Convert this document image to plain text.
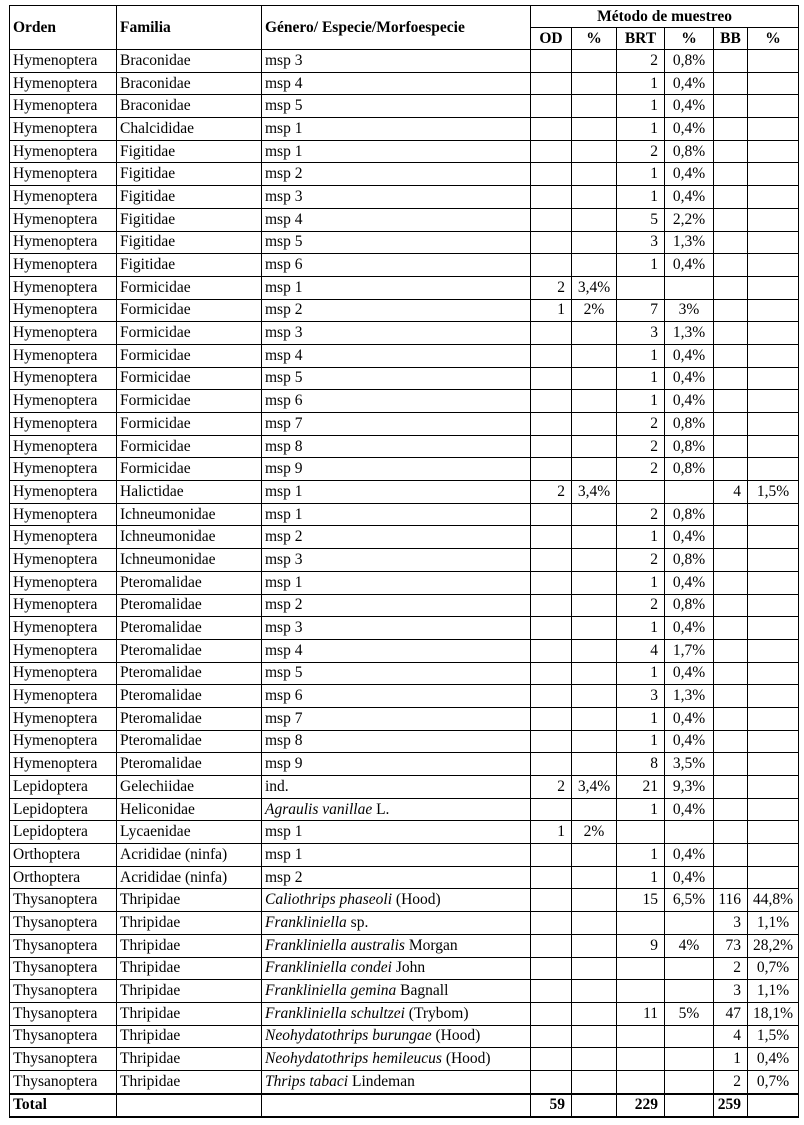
Orden	Familia	Género/ Especie/Morfoespecie	Método de muestreo					
			OD	%	BRT	%	BB	%
Hymenoptera	Braconidae	msp 3			2	0,8%		
Hymenoptera	Braconidae	msp 4			1	0,4%		
Hymenoptera	Braconidae	msp 5			1	0,4%		
Hymenoptera	Chalcididae	msp 1			1	0,4%		
Hymenoptera	Figitidae	msp 1			2	0,8%		
Hymenoptera	Figitidae	msp 2			1	0,4%		
Hymenoptera	Figitidae	msp 3			1	0,4%		
Hymenoptera	Figitidae	msp 4			5	2,2%		
Hymenoptera	Figitidae	msp 5			3	1,3%		
Hymenoptera	Figitidae	msp 6			1	0,4%		
Hymenoptera	Formicidae	msp 1	2	3,4%				
Hymenoptera	Formicidae	msp 2	1	2%	7	3%		
Hymenoptera	Formicidae	msp 3			3	1,3%		
Hymenoptera	Formicidae	msp 4			1	0,4%		
Hymenoptera	Formicidae	msp 5			1	0,4%		
Hymenoptera	Formicidae	msp 6			1	0,4%		
Hymenoptera	Formicidae	msp 7			2	0,8%		
Hymenoptera	Formicidae	msp 8			2	0,8%		
Hymenoptera	Formicidae	msp 9			2	0,8%		
Hymenoptera	Halictidae	msp 1	2	3,4%			4	1,5%
Hymenoptera	Ichneumonidae	msp 1			2	0,8%		
Hymenoptera	Ichneumonidae	msp 2			1	0,4%		
Hymenoptera	Ichneumonidae	msp 3			2	0,8%		
Hymenoptera	Pteromalidae	msp 1			1	0,4%		
Hymenoptera	Pteromalidae	msp 2			2	0,8%		
Hymenoptera	Pteromalidae	msp 3			1	0,4%		
Hymenoptera	Pteromalidae	msp 4			4	1,7%		
Hymenoptera	Pteromalidae	msp 5			1	0,4%		
Hymenoptera	Pteromalidae	msp 6			3	1,3%		
Hymenoptera	Pteromalidae	msp 7			1	0,4%		
Hymenoptera	Pteromalidae	msp 8			1	0,4%		
Hymenoptera	Pteromalidae	msp 9			8	3,5%		
Lepidoptera	Gelechiidae	ind.	2	3,4%	21	9,3%		
Lepidoptera	Heliconidae	Agraulis vanillae L.			1	0,4%		
Lepidoptera	Lycaenidae	msp 1	1	2%				
Orthoptera	Acrididae (ninfa)	msp 1			1	0,4%		
Orthoptera	Acrididae (ninfa)	msp 2			1	0,4%		
Thysanoptera	Thripidae	Caliothrips phaseoli (Hood)			15	6,5%	116	44,8%
Thysanoptera	Thripidae	Frankliniella sp.					3	1,1%
Thysanoptera	Thripidae	Frankliniella australis Morgan			9	4%	73	28,2%
Thysanoptera	Thripidae	Frankliniella condei John					2	0,7%
Thysanoptera	Thripidae	Frankliniella gemina Bagnall					3	1,1%
Thysanoptera	Thripidae	Frankliniella schultzei (Trybom)			11	5%	47	18,1%
Thysanoptera	Thripidae	Neohydatothrips burungae (Hood)					4	1,5%
Thysanoptera	Thripidae	Neohydatothrips hemileucus (Hood)					1	0,4%
Thysanoptera	Thripidae	Thrips tabaci Lindeman					2	0,7%
Total			59		229		259	
